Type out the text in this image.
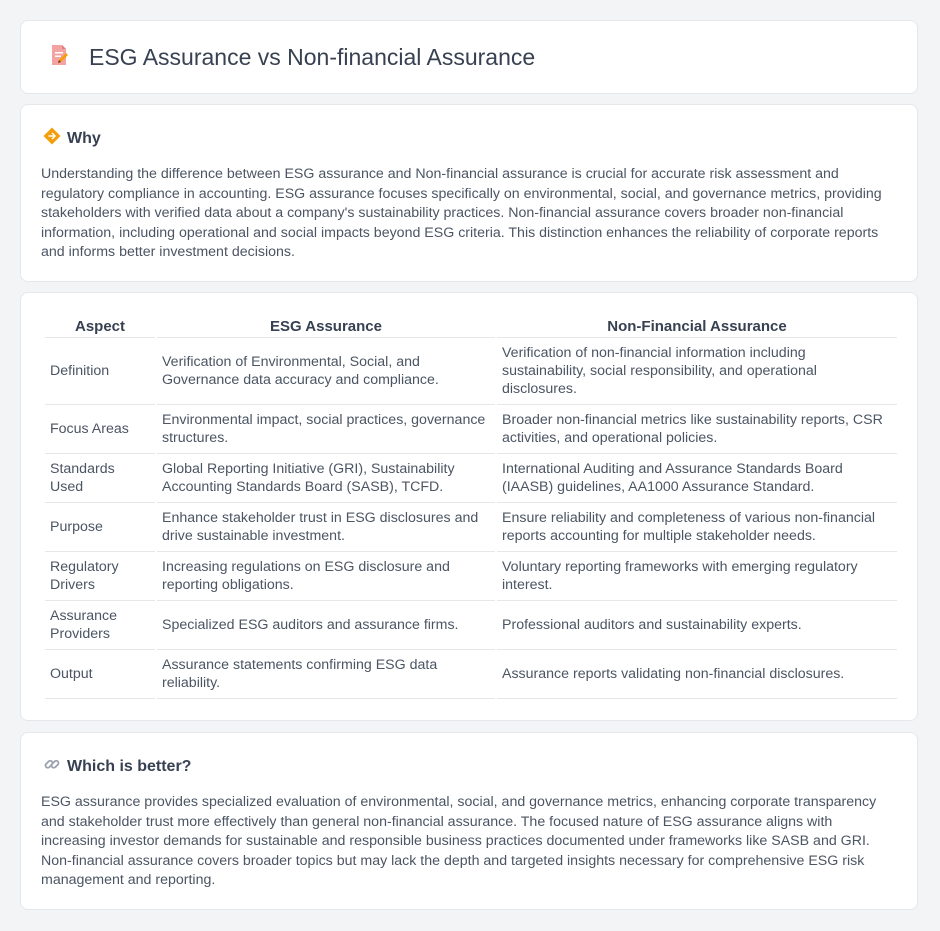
ESG Assurance vs Non-financial Assurance
Why

Understanding the difference between ESG assurance and Non-financial assurance is crucial for accurate risk assessment and regulatory compliance in accounting. ESG assurance focuses specifically on environmental, social, and governance metrics, providing stakeholders with verified data about a company's sustainability practices. Non-financial assurance covers broader non-financial information, including operational and social impacts beyond ESG criteria. This distinction enhances the reliability of corporate reports and informs better investment decisions.

Aspect	ESG Assurance	Non-Financial Assurance
Definition	Verification of Environmental, Social, and Governance data accuracy and compliance.	Verification of non-financial information including sustainability, social responsibility, and operational disclosures.
Focus Areas	Environmental impact, social practices, governance structures.	Broader non-financial metrics like sustainability reports, CSR activities, and operational policies.
Standards Used	Global Reporting Initiative (GRI), Sustainability Accounting Standards Board (SASB), TCFD.	International Auditing and Assurance Standards Board (IAASB) guidelines, AA1000 Assurance Standard.
Purpose	Enhance stakeholder trust in ESG disclosures and drive sustainable investment.	Ensure reliability and completeness of various non-financial reports accounting for multiple stakeholder needs.
Regulatory Drivers	Increasing regulations on ESG disclosure and reporting obligations.	Voluntary reporting frameworks with emerging regulatory interest.
Assurance Providers	Specialized ESG auditors and assurance firms.	Professional auditors and sustainability experts.
Output	Assurance statements confirming ESG data reliability.	Assurance reports validating non-financial disclosures.
Which is better?

ESG assurance provides specialized evaluation of environmental, social, and governance metrics, enhancing corporate transparency and stakeholder trust more effectively than general non-financial assurance. The focused nature of ESG assurance aligns with increasing investor demands for sustainable and responsible business practices documented under frameworks like SASB and GRI. Non-financial assurance covers broader topics but may lack the depth and targeted insights necessary for comprehensive ESG risk management and reporting.
